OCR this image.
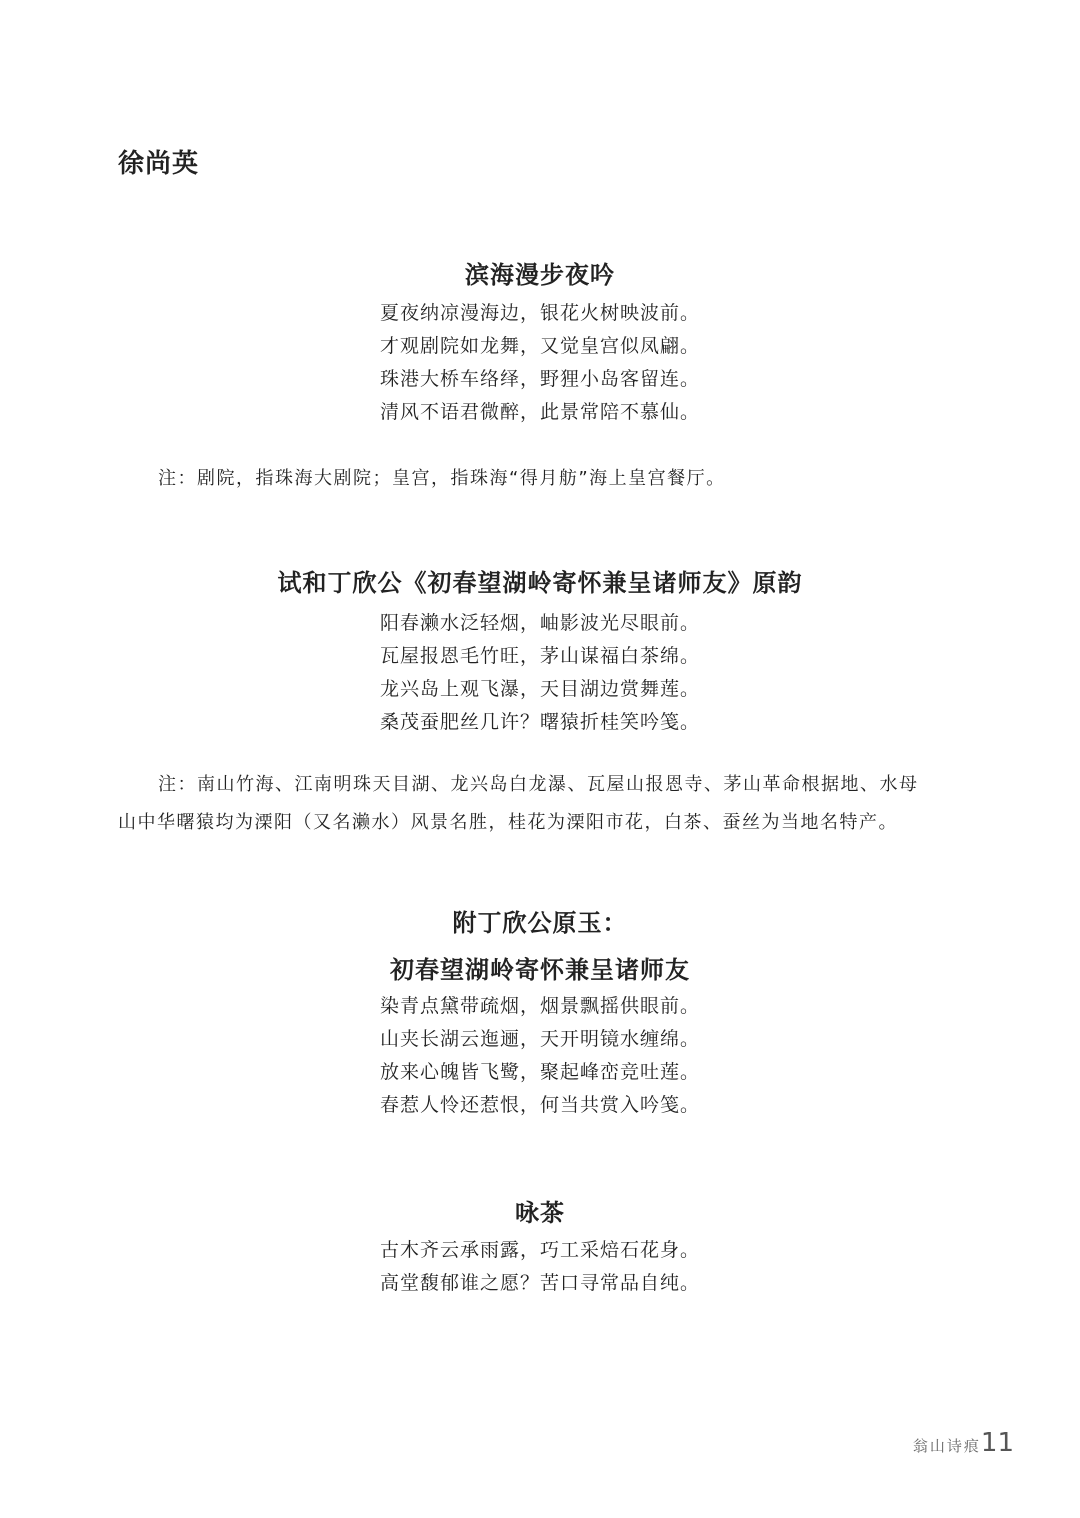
徐尚英
滨海漫步夜吟
夏夜纳凉漫海边，银花火树映波前。
才观剧院如龙舞，又觉皇宫似凤翩。
珠港大桥车络绎，野狸小岛客留连。
清风不语君微醉，此景常陪不慕仙。
注：剧院，指珠海大剧院；皇宫，指珠海“得月舫”海上皇宫餐厅。
试和丁欣公《初春望湖岭寄怀兼呈诸师友》原韵
阳春濑水泛轻烟，岫影波光尽眼前。
瓦屋报恩毛竹旺，茅山谋福白茶绵。
龙兴岛上观飞瀑，天目湖边赏舞莲。
桑茂蚕肥丝几许？曙猿折桂笑吟笺。
注：南山竹海、江南明珠天目湖、龙兴岛白龙瀑、瓦屋山报恩寺、茅山革命根据地、水母
山中华曙猿均为溧阳（又名濑水）风景名胜，桂花为溧阳市花，白茶、蚕丝为当地名特产。
附丁欣公原玉：
初春望湖岭寄怀兼呈诸师友
染青点黛带疏烟，烟景飘摇供眼前。
山夹长湖云迤逦，天开明镜水缠绵。
放来心魄皆飞鹭，聚起峰峦竞吐莲。
春惹人怜还惹恨，何当共赏入吟笺。
咏茶
古木齐云承雨露，巧工采焙石花身。
高堂馥郁谁之愿？苦口寻常品自纯。
翁山诗痕11
